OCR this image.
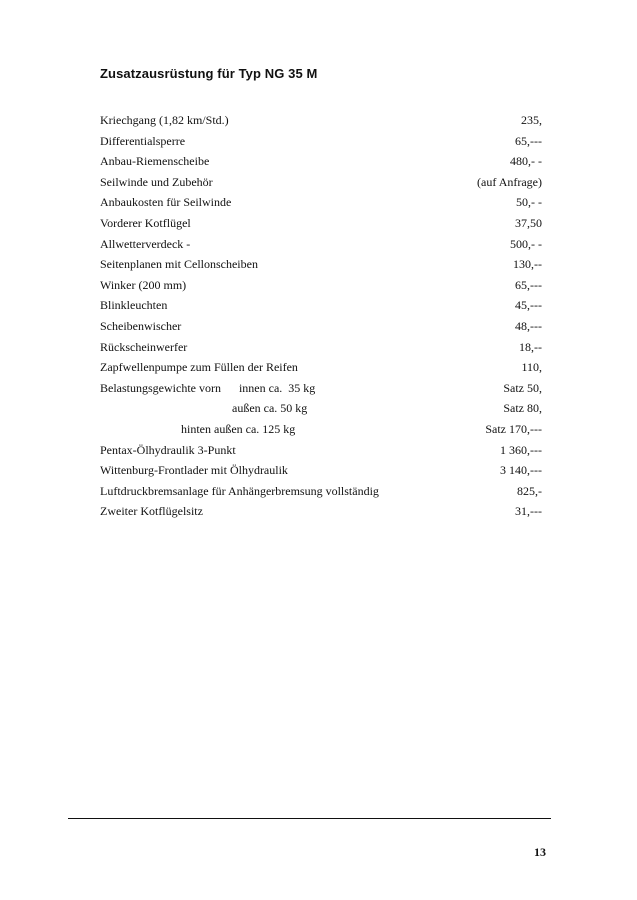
Zusatzausrüstung für Typ NG 35 M
Kriechgang (1,82 km/Std.)	235,
Differentialsperre	65,---
Anbau-Riemenscheibe	480,- -
Seilwinde und Zubehör	(auf Anfrage)
Anbaukosten für Seilwinde	50,- -
Vorderer Kotflügel	37,50
Allwetterverdeck -	500,- -
Seitenplanen mit Cellonscheiben	130,--
Winker (200 mm)	65,---
Blinkleuchten	45,---
Scheibenwischer	48,---
Rückscheinwerfer	18,--
Zapfwellenpumpe zum Füllen der Reifen	110,
Belastungsgewichte vorn      innen ca.  35 kg	Satz 50,
außen ca. 50 kg	Satz 80,
hinten außen ca. 125 kg	Satz 170,---
Pentax-Ölhydraulik 3-Punkt	1 360,---
Wittenburg-Frontlader mit Ölhydraulik	3 140,---
Luftdruckbremsanlage für Anhängerbremsung vollständig	825,-
Zweiter Kotflügelsitz	31,---
13
